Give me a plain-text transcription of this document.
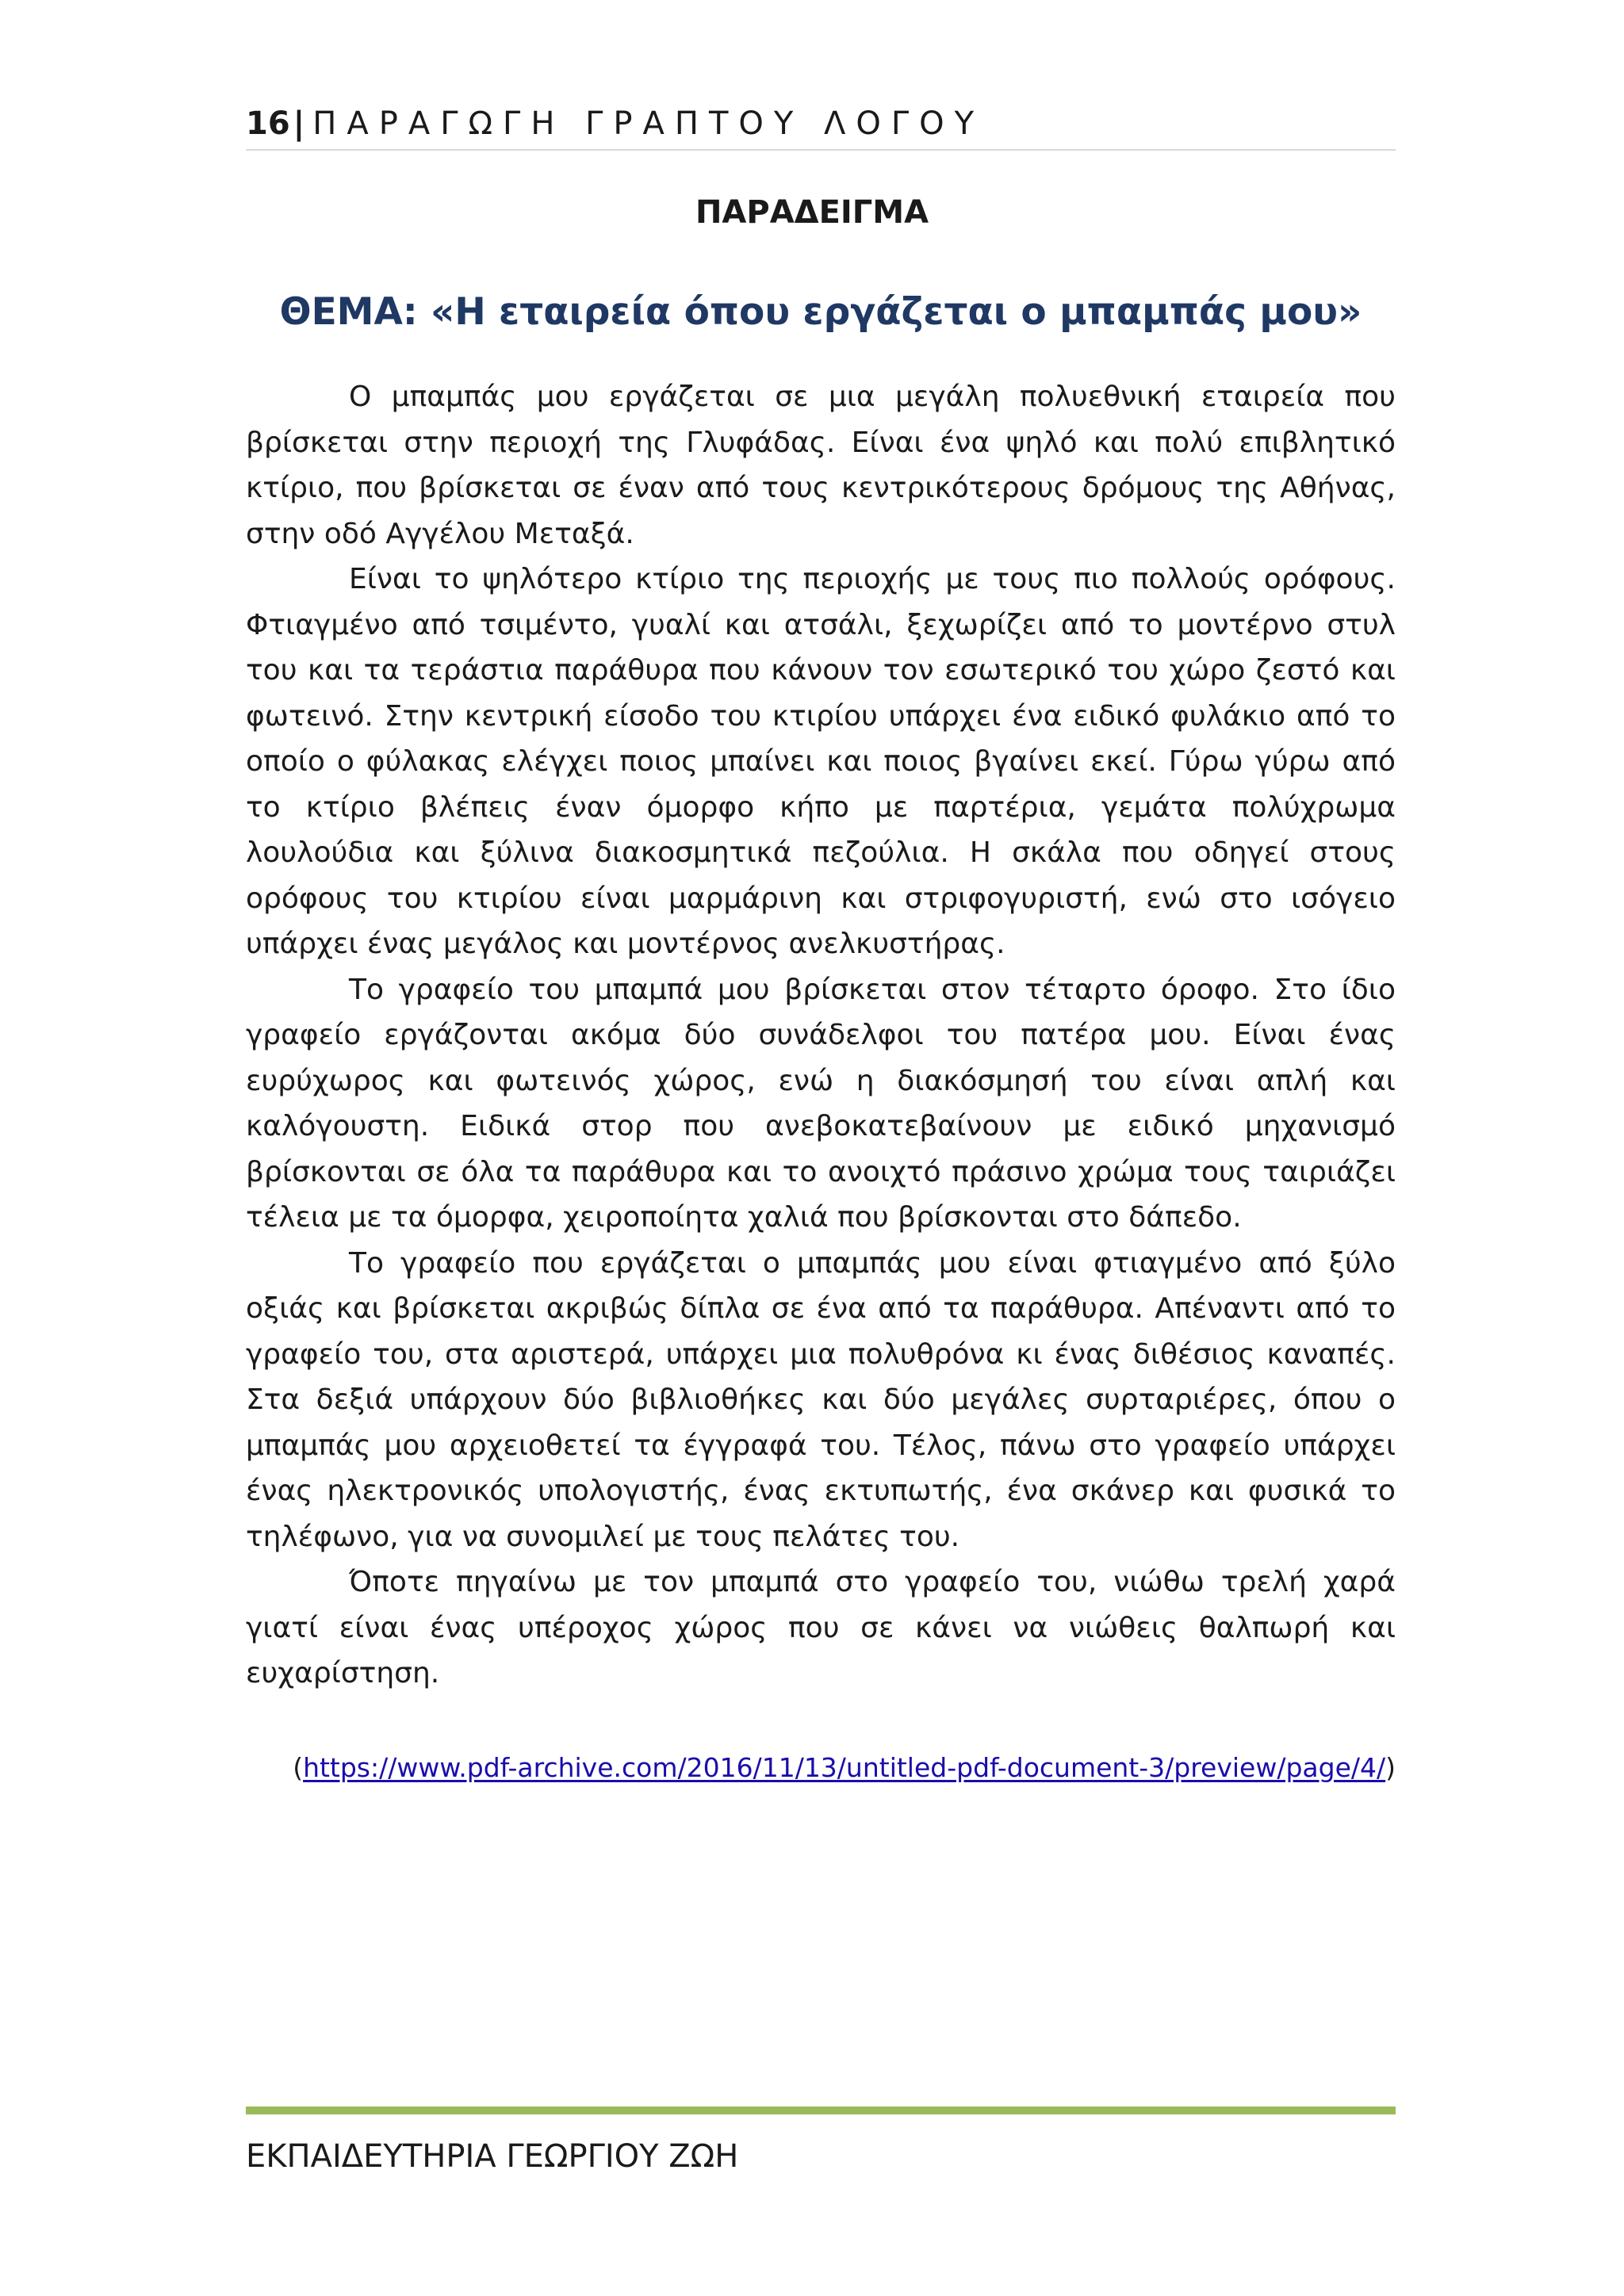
16 | ΠΑΡΑΓΩΓΗ ΓΡΑΠΤΟΥ ΛΟΓΟΥ
ΠΑΡΑΔΕΙΓΜΑ
ΘΕΜΑ: «Η εταιρεία όπου εργάζεται ο μπαμπάς μου»

Ο μπαμπάς μου εργάζεται σε μια μεγάλη πολυεθνική εταιρεία που βρίσκεται στην περιοχή της Γλυφάδας. Είναι ένα ψηλό και πολύ επιβλητικό κτίριο, που βρίσκεται σε έναν από τους κεντρικότερους δρόμους της Αθήνας, στην οδό Αγγέλου Μεταξά.

Είναι το ψηλότερο κτίριο της περιοχής με τους πιο πολλούς ορόφους. Φτιαγμένο από τσιμέντο, γυαλί και ατσάλι, ξεχωρίζει από το μοντέρνο στυλ του και τα τεράστια παράθυρα που κάνουν τον εσωτερικό του χώρο ζεστό και φωτεινό. Στην κεντρική είσοδο του κτιρίου υπάρχει ένα ειδικό φυλάκιο από το οποίο ο φύλακας ελέγχει ποιος μπαίνει και ποιος βγαίνει εκεί. Γύρω γύρω από το κτίριο βλέπεις έναν όμορφο κήπο με παρτέρια, γεμάτα πολύχρωμα λουλούδια και ξύλινα διακοσμητικά πεζούλια. Η σκάλα που οδηγεί στους ορόφους του κτιρίου είναι μαρμάρινη και στριφογυριστή, ενώ στο ισόγειο υπάρχει ένας μεγάλος και μοντέρνος ανελκυστήρας.

Το γραφείο του μπαμπά μου βρίσκεται στον τέταρτο όροφο. Στο ίδιο γραφείο εργάζονται ακόμα δύο συνάδελφοι του πατέρα μου. Είναι ένας ευρύχωρος και φωτεινός χώρος, ενώ η διακόσμησή του είναι απλή και καλόγουστη. Ειδικά στορ που ανεβοκατεβαίνουν με ειδικό μηχανισμό βρίσκονται σε όλα τα παράθυρα και το ανοιχτό πράσινο χρώμα τους ταιριάζει τέλεια με τα όμορφα, χειροποίητα χαλιά που βρίσκονται στο δάπεδο.

Το γραφείο που εργάζεται ο μπαμπάς μου είναι φτιαγμένο από ξύλο οξιάς και βρίσκεται ακριβώς δίπλα σε ένα από τα παράθυρα. Απέναντι από το γραφείο του, στα αριστερά, υπάρχει μια πολυθρόνα κι ένας διθέσιος καναπές. Στα δεξιά υπάρχουν δύο βιβλιοθήκες και δύο μεγάλες συρταριέρες, όπου ο μπαμπάς μου αρχειοθετεί τα έγγραφά του. Τέλος, πάνω στο γραφείο υπάρχει ένας ηλεκτρονικός υπολογιστής, ένας εκτυπωτής, ένα σκάνερ και φυσικά το τηλέφωνο, για να συνομιλεί με τους πελάτες του.

Όποτε πηγαίνω με τον μπαμπά στο γραφείο του, νιώθω τρελή χαρά γιατί είναι ένας υπέροχος χώρος που σε κάνει να νιώθεις θαλπωρή και ευχαρίστηση.

(https://www.pdf-archive.com/2016/11/13/untitled-pdf-document-3/preview/page/4/)
ΕΚΠΑΙΔΕΥΤΗΡΙΑ ΓΕΩΡΓΙΟΥ ΖΩΗ
